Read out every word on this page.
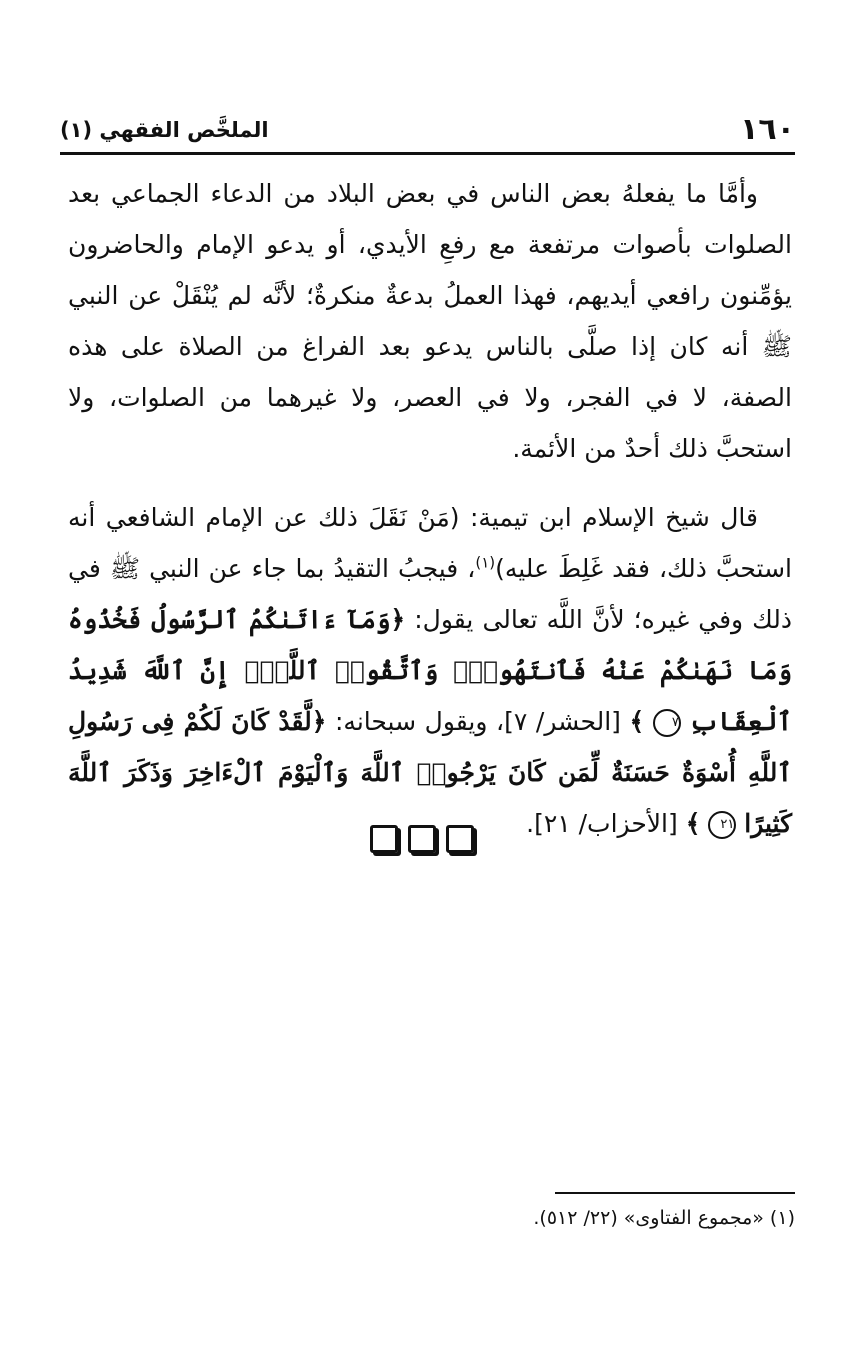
١٦٠
الملخَّص الفقهي (١)

وأمَّا ما يفعلهُ بعض الناس في بعض البلاد من الدعاء الجماعي بعد الصلوات بأصوات مرتفعة مع رفعِ الأيدي، أو يدعو الإمام والحاضرون يؤمِّنون رافعي أيديهم، فهذا العملُ بدعةٌ منكرةٌ؛ لأنَّه لم يُنْقَلْ عن النبي ﷺ أنه كان إذا صلَّى بالناس يدعو بعد الفراغ من الصلاة على هذه الصفة، لا في الفجر، ولا في العصر، ولا غيرهما من الصلوات، ولا استحبَّ ذلك أحدٌ من الأئمة.

قال شيخ الإسلام ابن تيمية: (مَنْ نَقَلَ ذلك عن الإمام الشافعي أنه استحبَّ ذلك، فقد غَلِطَ عليه)$^{(١)}$، فيجبُ التقيدُ بما جاء عن النبي ﷺ في ذلك وفي غيره؛ لأنَّ اللَّه تعالى يقول: ﴿وَمَآ ءَاتَىٰكُمُ ٱلرَّسُولُ فَخُذُوهُ وَمَا نَهَىٰكُمْ عَنْهُ فَٱنتَهُوا۟ۚ وَٱتَّقُوا۟ ٱللَّهَۖ إِنَّ ٱللَّهَ شَدِيدُ ٱلْعِقَابِ ٧ ﴾ [الحشر/ ٧]، ويقول سبحانه: ﴿لَّقَدْ كَانَ لَكُمْ فِى رَسُولِ ٱللَّهِ أُسْوَةٌ حَسَنَةٌ لِّمَن كَانَ يَرْجُوا۟ ٱللَّهَ وَٱلْيَوْمَ ٱلْءَاخِرَ وَذَكَرَ ٱللَّهَ كَثِيرًا ٢١ ﴾ [الأحزاب/ ٢١].

(١) «مجموع الفتاوى» (٢٢/ ٥١٢).
